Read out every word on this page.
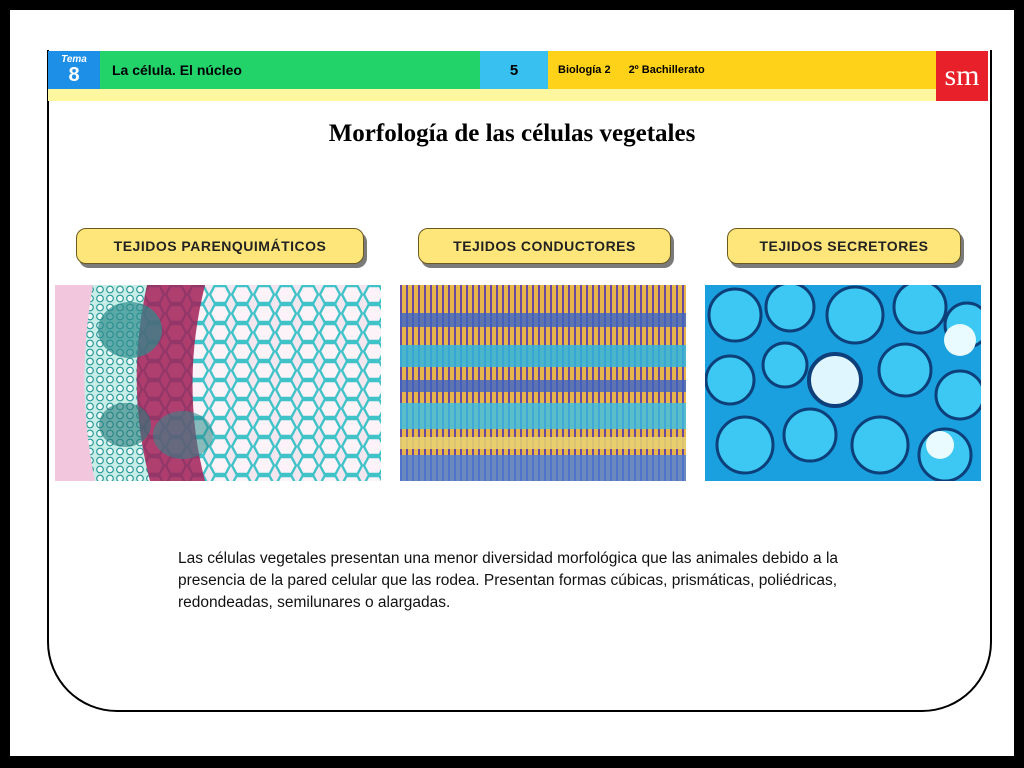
Tema
8	La célula. El núcleo	5	Biología 2	2º Bachillerato	sm
Morfología de las células vegetales
TEJIDOS PARENQUIMÁTICOS	TEJIDOS CONDUCTORES	TEJIDOS SECRETORES
Las células vegetales presentan una menor diversidad morfológica que las animales debido a la presencia de la pared celular que las rodea. Presentan formas cúbicas, prismáticas, poliédricas, redondeadas, semilunares o alargadas.
